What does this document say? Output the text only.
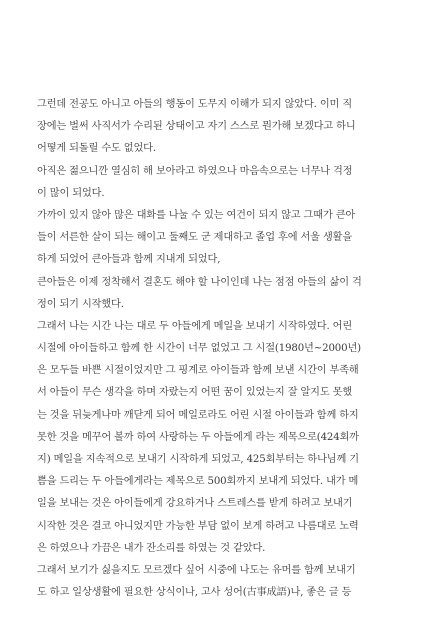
그런데 전공도 아니고 아들의 행동이 도무지 이해가 되지 않았다. 이미 직
장에는 벌써 사직서가 수리된 상태이고 자기 스스로 뭔가해 보겠다고 하니
어떻게 되돌릴 수도 없었다.
아직은 젊으니깐 열심히 해 보아라고 하였으나 마음속으로는 너무나 걱정
이 많이 되었다.
가까이 있지 않아 많은 대화를 나눌 수 있는 여건이 되지 않고 그때가 큰아
들이 서른한 살이 되는 해이고 둘째도 군 제대하고 졸업 후에 서울 생활을
하게 되었어 큰아들과 함께 지내게 되었다,
큰아들은 이제 정착해서 결혼도 해야 할 나이인데 나는 점점 아들의 삶이 걱
정이 되기 시작했다.
그래서 나는 시간 나는 대로 두 아들에게 메일을 보내기 시작하였다. 어린
시절에 아이들하고 함께 한 시간이 너무 없었고 그 시절(1980년~2000년)
은 모두들 바쁜 시절이었지만 그 핑계로 아이들과 함께 보낸 시간이 부족해
서 아들이 무슨 생각을 하며 자랐는지 어떤 꿈이 있었는지 잘 알지도 못했
는 것을 뒤늦게나마 깨닫게 되어 메일로라도 어린 시절 아이들과 함께 하지
못한 것을 메꾸어 볼까 하여 사랑하는 두 아들에게 라는 제목으로(424회까
지) 메일을 지속적으로 보내기 시작하게 되었고, 425회부터는 하나님께 기
쁨을 드리는 두 아들에게라는 제목으로 500회까지 보내게 되었다. 내가 메
일을 보내는 것은 아이들에게 강요하거나 스트레스를 받게 하려고 보내기
시작한 것은 결코 아니었지만 가능한 부담 없이 보게 하려고 나름대로 노력
은 하였으나 가끔은 내가 잔소리를 하였는 것 같았다.
그래서 보기가 싫을지도 모르겠다 싶어 시중에 나도는 유머를 함께 보내기
도 하고 일상생활에 필요한 상식이나, 고사 성어(古事成語)나, 좋은 글 등
